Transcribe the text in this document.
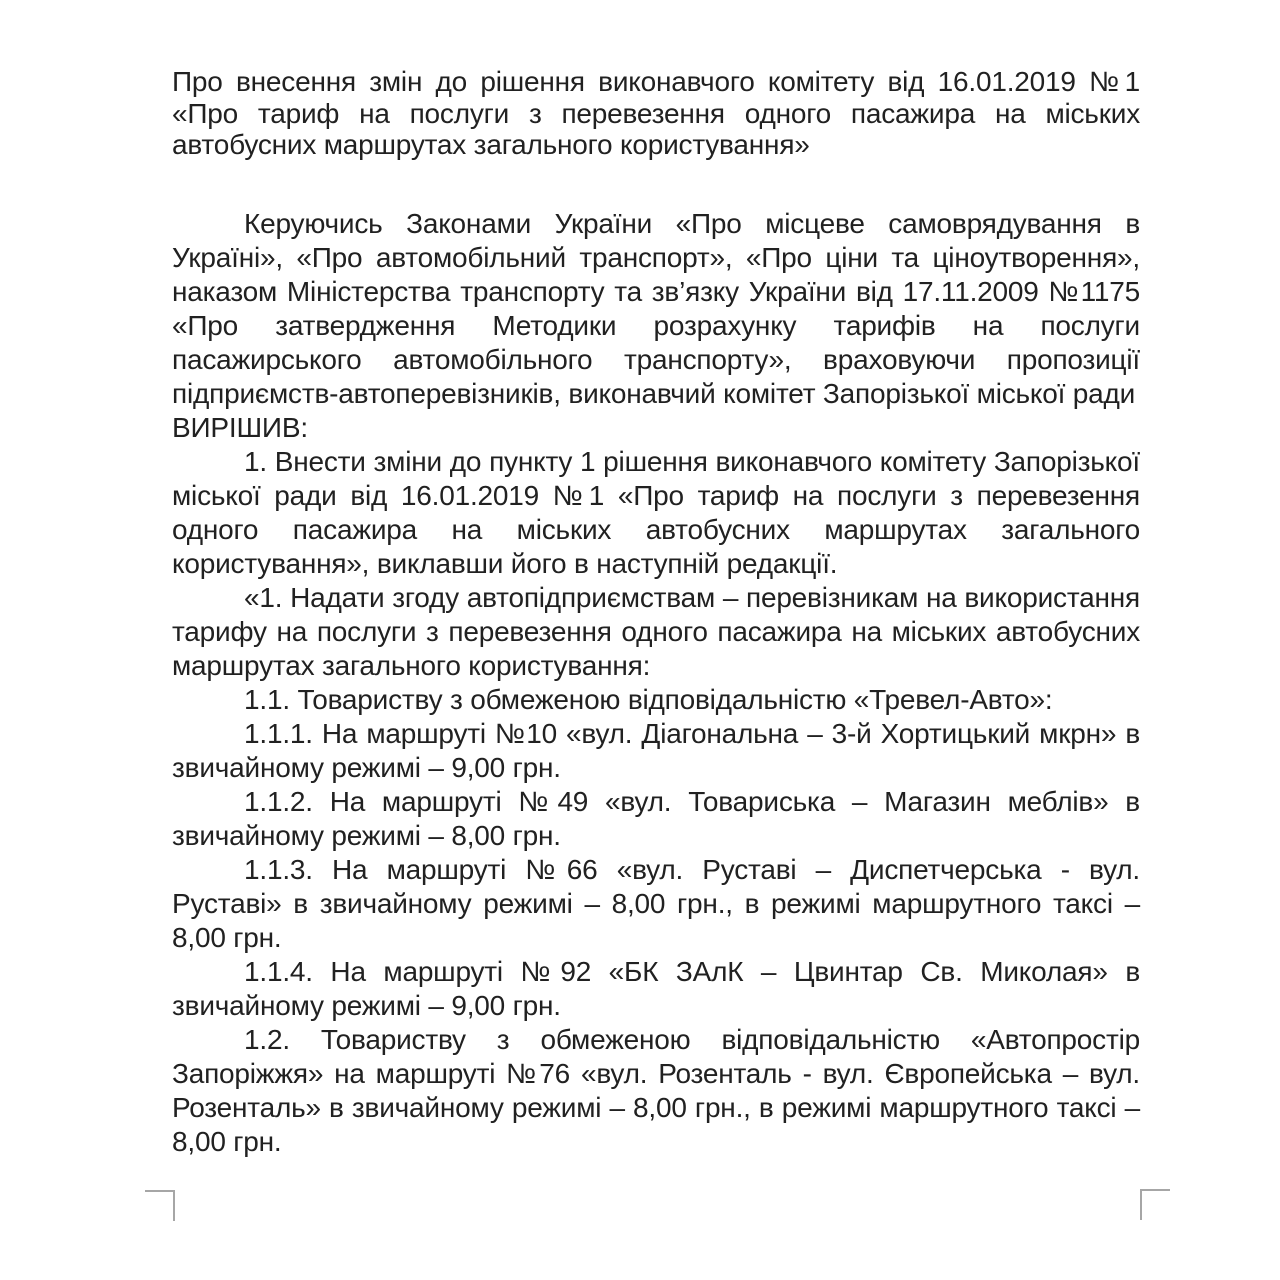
Про внесення змін до рішення виконавчого комітету від 16.01.2019 №1 «Про тариф на послуги з перевезення одного пасажира на міських автобусних маршрутах загального користування»

Керуючись Законами України «Про місцеве самоврядування в Україні», «Про автомобільний транспорт», «Про ціни та ціноутворення», наказом Міністерства транспорту та зв’язку України від 17.11.2009 №1175 «Про затвердження Методики розрахунку тарифів на послуги пасажирського автомобільного транспорту», враховуючи пропозиції підприємств-автоперевізників, виконавчий комітет Запорізької міської ради

ВИРІШИВ:

1. Внести зміни до пункту 1 рішення виконавчого комітету Запорізької міської ради від 16.01.2019 №1 «Про тариф на послуги з перевезення одного пасажира на міських автобусних маршрутах загального користування», виклавши його в наступній редакції.

«1. Надати згоду автопідприємствам – перевізникам на використання тарифу на послуги з перевезення одного пасажира на міських автобусних маршрутах загального користування:

1.1. Товариству з обмеженою відповідальністю «Тревел-Авто»:

1.1.1. На маршруті №10 «вул. Діагональна – 3-й Хортицький мкрн» в звичайному режимі – 9,00 грн.

1.1.2. На маршруті №49 «вул. Товариська – Магазин меблів» в звичайному режимі – 8,00 грн.

1.1.3. На маршруті №66 «вул. Руставі – Диспетчерська - вул. Руставі» в звичайному режимі – 8,00 грн., в режимі маршрутного таксі – 8,00 грн.

1.1.4. На маршруті №92 «БК ЗАлК – Цвинтар Св. Миколая» в звичайному режимі – 9,00 грн.

1.2. Товариству з обмеженою відповідальністю «Автопростір Запоріжжя» на маршруті №76 «вул. Розенталь - вул. Європейська – вул. Розенталь» в звичайному режимі – 8,00 грн., в режимі маршрутного таксі – 8,00 грн.
